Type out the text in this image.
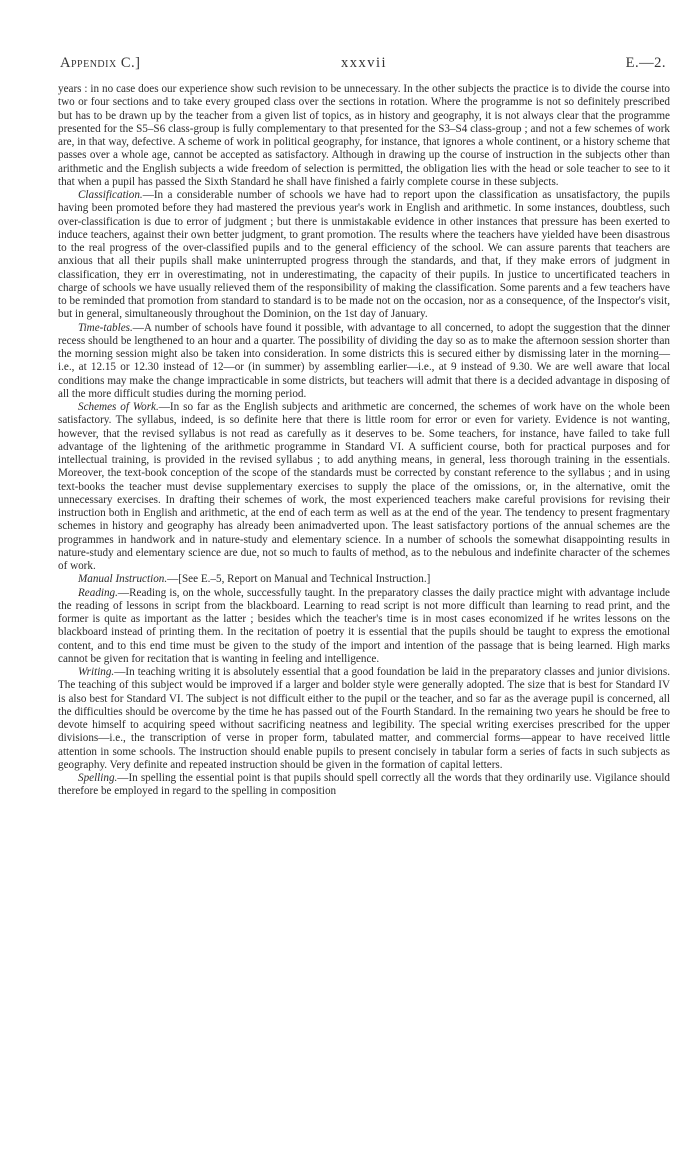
Appendix C.]	xxxvii	E.—2.

years : in no case does our experience show such revision to be unnecessary. In the other subjects the practice is to divide the course into two or four sections and to take every grouped class over the sections in rotation. Where the programme is not so definitely prescribed but has to be drawn up by the teacher from a given list of topics, as in history and geography, it is not always clear that the programme presented for the S5–S6 class-group is fully complementary to that presented for the S3–S4 class-group ; and not a few schemes of work are, in that way, defective. A scheme of work in political geography, for instance, that ignores a whole continent, or a history scheme that passes over a whole age, cannot be accepted as satisfactory. Although in drawing up the course of instruction in the subjects other than arithmetic and the English subjects a wide freedom of selection is permitted, the obligation lies with the head or sole teacher to see to it that when a pupil has passed the Sixth Standard he shall have finished a fairly complete course in these subjects.

Classification.—In a considerable number of schools we have had to report upon the classification as unsatisfactory, the pupils having been promoted before they had mastered the previous year's work in English and arithmetic. In some instances, doubtless, such over-classification is due to error of judgment ; but there is unmistakable evidence in other instances that pressure has been exerted to induce teachers, against their own better judgment, to grant promotion. The results where the teachers have yielded have been disastrous to the real progress of the over-classified pupils and to the general efficiency of the school. We can assure parents that teachers are anxious that all their pupils shall make uninterrupted progress through the standards, and that, if they make errors of judgment in classification, they err in overestimating, not in underestimating, the capacity of their pupils. In justice to uncertificated teachers in charge of schools we have usually relieved them of the responsibility of making the classification. Some parents and a few teachers have to be reminded that promotion from standard to standard is to be made not on the occasion, nor as a consequence, of the Inspector's visit, but in general, simultaneously throughout the Dominion, on the 1st day of January.

Time-tables.—A number of schools have found it possible, with advantage to all concerned, to adopt the suggestion that the dinner recess should be lengthened to an hour and a quarter. The possibility of dividing the day so as to make the afternoon session shorter than the morning session might also be taken into consideration. In some districts this is secured either by dismissing later in the morning—i.e., at 12.15 or 12.30 instead of 12—or (in summer) by assembling earlier—i.e., at 9 instead of 9.30. We are well aware that local conditions may make the change impracticable in some districts, but teachers will admit that there is a decided advantage in disposing of all the more difficult studies during the morning period.

Schemes of Work.—In so far as the English subjects and arithmetic are concerned, the schemes of work have on the whole been satisfactory. The syllabus, indeed, is so definite here that there is little room for error or even for variety. Evidence is not wanting, however, that the revised syllabus is not read as carefully as it deserves to be. Some teachers, for instance, have failed to take full advantage of the lightening of the arithmetic programme in Standard VI. A sufficient course, both for practical purposes and for intellectual training, is provided in the revised syllabus ; to add anything means, in general, less thorough training in the essentials. Moreover, the text-book conception of the scope of the standards must be corrected by constant reference to the syllabus ; and in using text-books the teacher must devise supplementary exercises to supply the place of the omissions, or, in the alternative, omit the unnecessary exercises. In drafting their schemes of work, the most experienced teachers make careful provisions for revising their instruction both in English and arithmetic, at the end of each term as well as at the end of the year. The tendency to present fragmentary schemes in history and geography has already been animadverted upon. The least satisfactory portions of the annual schemes are the programmes in handwork and in nature-study and elementary science. In a number of schools the somewhat disappointing results in nature-study and elementary science are due, not so much to faults of method, as to the nebulous and indefinite character of the schemes of work.

Manual Instruction.—[See E.–5, Report on Manual and Technical Instruction.]

Reading.—Reading is, on the whole, successfully taught. In the preparatory classes the daily practice might with advantage include the reading of lessons in script from the blackboard. Learning to read script is not more difficult than learning to read print, and the former is quite as important as the latter ; besides which the teacher's time is in most cases economized if he writes lessons on the blackboard instead of printing them. In the recitation of poetry it is essential that the pupils should be taught to express the emotional content, and to this end time must be given to the study of the import and intention of the passage that is being learned. High marks cannot be given for recitation that is wanting in feeling and intelligence.

Writing.—In teaching writing it is absolutely essential that a good foundation be laid in the preparatory classes and junior divisions. The teaching of this subject would be improved if a larger and bolder style were generally adopted. The size that is best for Standard IV is also best for Standard VI. The subject is not difficult either to the pupil or the teacher, and so far as the average pupil is concerned, all the difficulties should be overcome by the time he has passed out of the Fourth Standard. In the remaining two years he should be free to devote himself to acquiring speed without sacrificing neatness and legibility. The special writing exercises prescribed for the upper divisions—i.e., the transcription of verse in proper form, tabulated matter, and commercial forms—appear to have received little attention in some schools. The instruction should enable pupils to present concisely in tabular form a series of facts in such subjects as geography. Very definite and repeated instruction should be given in the formation of capital letters.

Spelling.—In spelling the essential point is that pupils should spell correctly all the words that they ordinarily use. Vigilance should therefore be employed in regard to the spelling in composition
